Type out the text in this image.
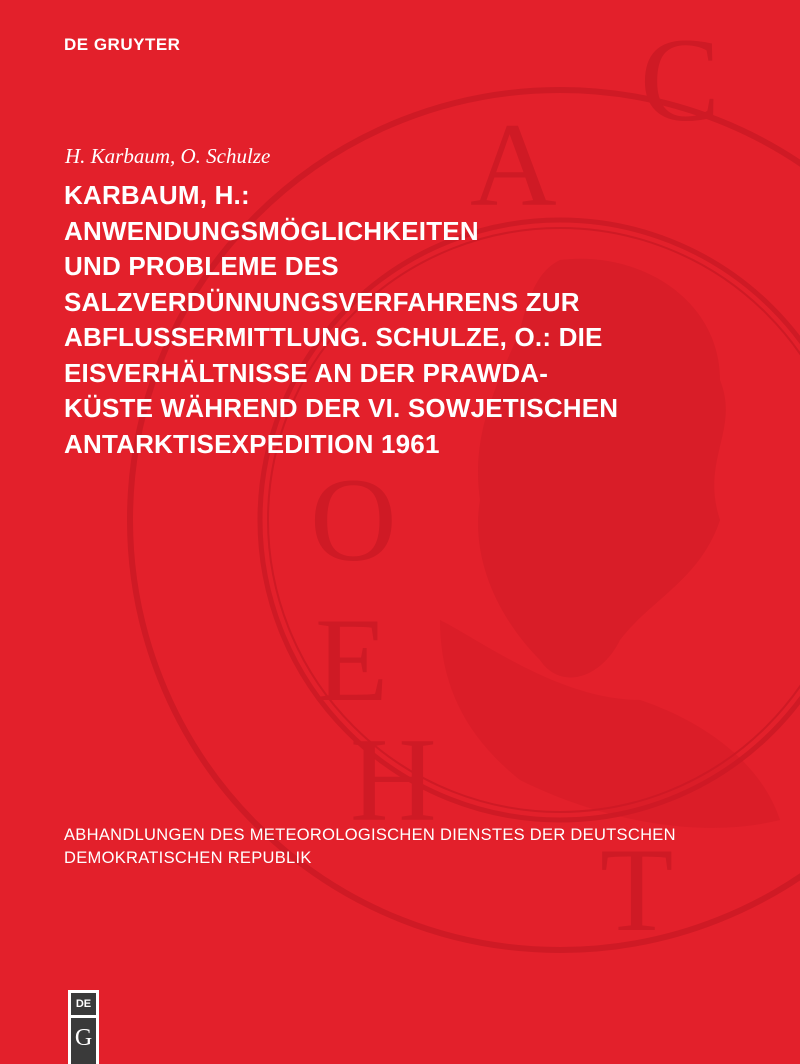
C
A
O
E
H
T
DE GRUYTER
H. Karbaum, O. Schulze
KARBAUM, H.:
ANWENDUNGSMÖGLICHKEITEN
UND PROBLEME DES
SALZVERDÜNNUNGSVERFAHRENS ZUR
ABFLUSSERMITTLUNG. SCHULZE, O.: DIE
EISVERHÄLTNISSE AN DER PRAWDA-
KÜSTE WÄHREND DER VI. SOWJETISCHEN
ANTARKTISEXPEDITION 1961
ABHANDLUNGEN DES METEOROLOGISCHEN DIENSTES DER DEUTSCHEN
DEMOKRATISCHEN REPUBLIK
DE
G
